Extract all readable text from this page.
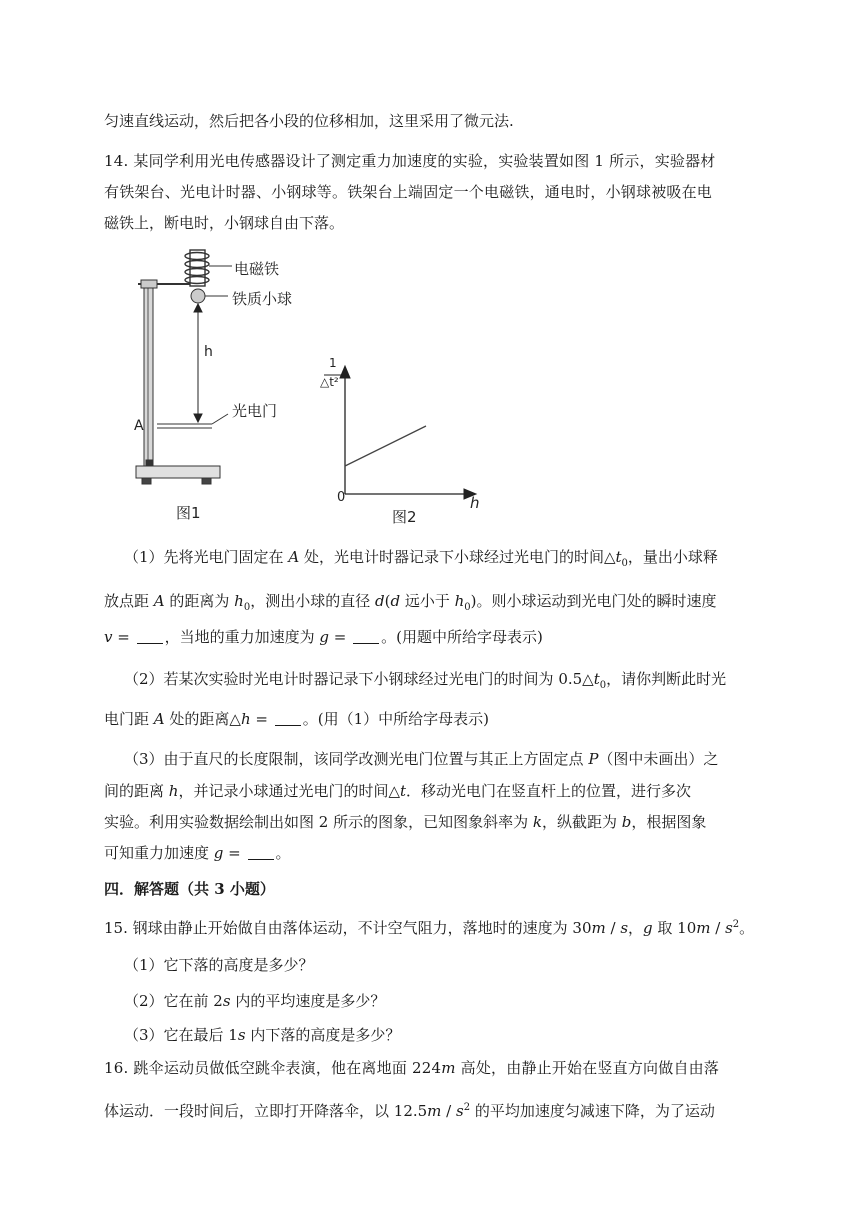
匀速直线运动，然后把各小段的位移相加，这里采用了微元法.
14. 某同学利用光电传感器设计了测定重力加速度的实验，实验装置如图 1 所示，实验器材
有铁架台、光电计时器、小钢球等。铁架台上端固定一个电磁铁，通电时，小钢球被吸在电
磁铁上，断电时，小钢球自由下落。
电磁铁
铁质小球
h
光电门
A
图1
1
△t²
0	h
图2
（1）先将光电门固定在 A 处，光电计时器记录下小球经过光电门的时间$\triangle t_0$，量出小球释
放点距 A 的距离为 $h_0$，测出小球的直径 d(d 远小于 $h_0$)。则小球运动到光电门处的瞬时速度
v = ，当地的重力加速度为 g = 。(用题中所给字母表示)
（2）若某次实验时光电计时器记录下小钢球经过光电门的时间为 $0.5\triangle t_0$，请你判断此时光
电门距 A 处的距离△h = 。(用（1）中所给字母表示)
（3）由于直尺的长度限制，该同学改测光电门位置与其正上方固定点 P（图中未画出）之
间的距离 h，并记录小球通过光电门的时间△t．移动光电门在竖直杆上的位置，进行多次
实验。利用实验数据绘制出如图 2 所示的图象，已知图象斜率为 k，纵截距为 b，根据图象
可知重力加速度 g = 。
四．解答题（共 3 小题）
15. 钢球由静止开始做自由落体运动，不计空气阻力，落地时的速度为 30m / s，g 取 $10m / s^2$。
（1）它下落的高度是多少？
（2）它在前 2s 内的平均速度是多少？
（3）它在最后 1s 内下落的高度是多少？
16. 跳伞运动员做低空跳伞表演，他在离地面 224m 高处，由静止开始在竖直方向做自由落
体运动．一段时间后，立即打开降落伞，以 $12.5m / s^2$ 的平均加速度匀减速下降，为了运动
